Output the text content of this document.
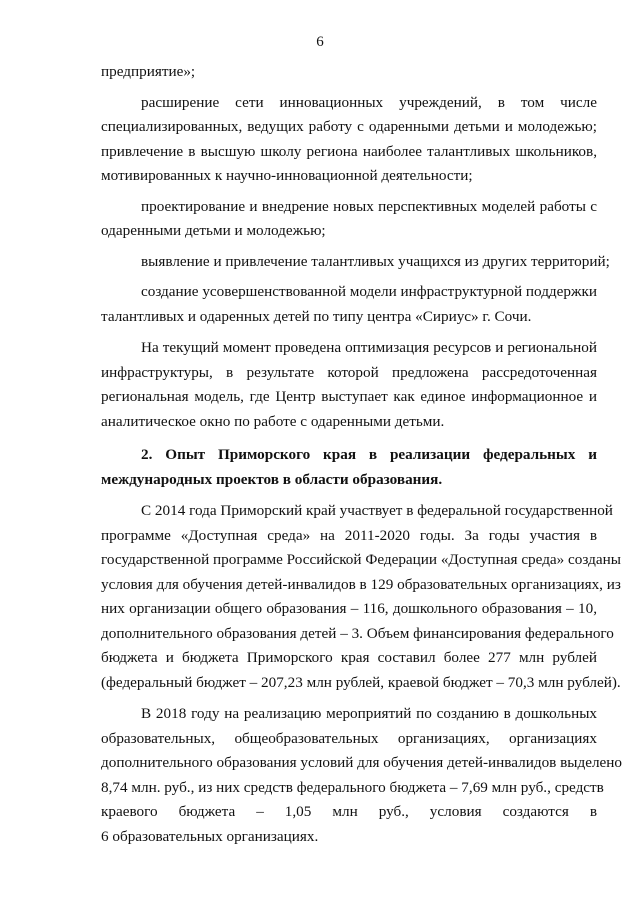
6
предприятие»;
расширение сети инновационных учреждений, в том числе
специализированных, ведущих работу с одаренными детьми и молодежью;
привлечение в высшую школу региона наиболее талантливых школьников,
мотивированных к научно-инновационной деятельности;
проектирование и внедрение новых перспективных моделей работы с
одаренными детьми и молодежью;
выявление и привлечение талантливых учащихся из других территорий;
создание усовершенствованной модели инфраструктурной поддержки
талантливых и одаренных детей по типу центра «Сириус» г. Сочи.
На текущий момент проведена оптимизация ресурсов и региональной
инфраструктуры, в результате которой предложена рассредоточенная
региональная модель, где Центр выступает как единое информационное и
аналитическое окно по работе с одаренными детьми.
2. Опыт Приморского края в реализации федеральных и
международных проектов в области образования.
С 2014 года Приморский край участвует в федеральной государственной
программе «Доступная среда» на 2011-2020 годы. За годы участия в
государственной программе Российской Федерации «Доступная среда» созданы
условия для обучения детей-инвалидов в 129 образовательных организациях, из
них организации общего образования – 116, дошкольного образования – 10,
дополнительного образования детей – 3. Объем финансирования федерального
бюджета и бюджета Приморского края составил более 277 млн рублей
(федеральный бюджет – 207,23 млн рублей, краевой бюджет – 70,3 млн рублей).
В 2018 году на реализацию мероприятий по созданию в дошкольных
образовательных, общеобразовательных организациях, организациях
дополнительного образования условий для обучения детей-инвалидов выделено
8,74 млн. руб., из них средств федерального бюджета – 7,69 млн руб., средств
краевого бюджета – 1,05 млн руб., условия создаются в
6 образовательных организациях.
